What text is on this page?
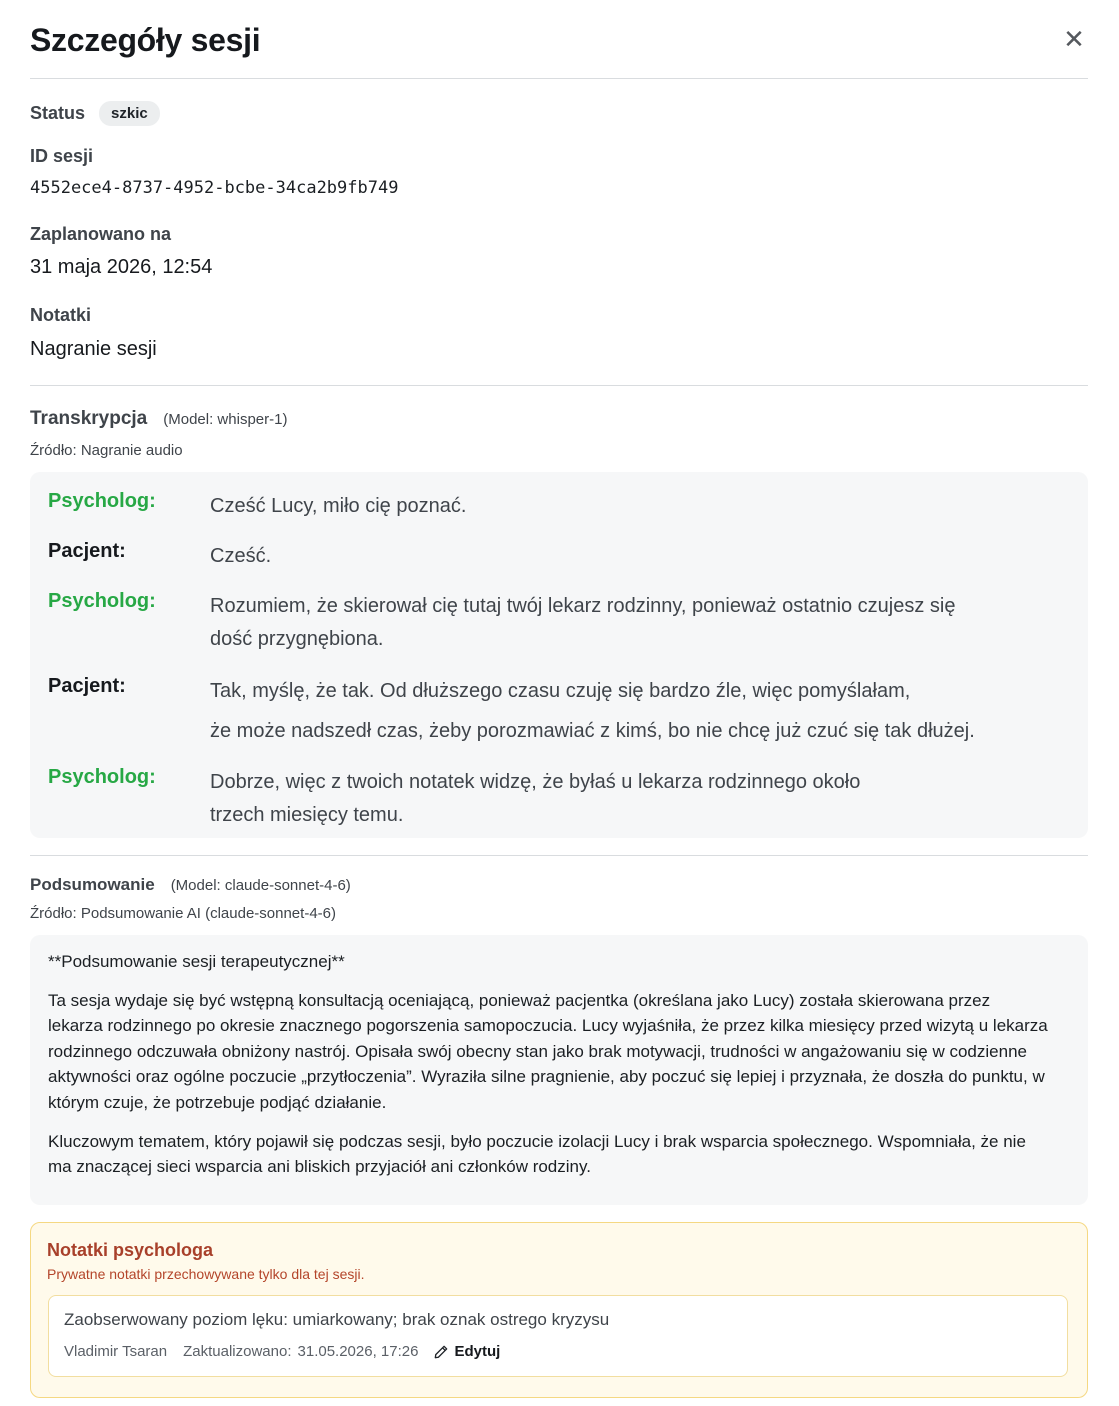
Szczegóły sesji	✕
Status	szkic
ID sesji
4552ece4-8737-4952-bcbe-34ca2b9fb749
Zaplanowano na
31 maja 2026, 12:54
Notatki
Nagranie sesji
Transkrypcja (Model: whisper-1)
Źródło: Nagranie audio
Psycholog:	Cześć Lucy, miło cię poznać.
Pacjent:	Cześć.
Psycholog:	Rozumiem, że skierował cię tutaj twój lekarz rodzinny, ponieważ ostatnio czujesz się
dość przygnębiona.
Pacjent:	Tak, myślę, że tak. Od dłuższego czasu czuję się bardzo źle, więc pomyślałam,
że może nadszedł czas, żeby porozmawiać z kimś, bo nie chcę już czuć się tak dłużej.
Psycholog:	Dobrze, więc z twoich notatek widzę, że byłaś u lekarza rodzinnego około
trzech miesięcy temu.
Podsumowanie (Model: claude-sonnet-4-6)
Źródło: Podsumowanie AI (claude-sonnet-4-6)

**Podsumowanie sesji terapeutycznej**

Ta sesja wydaje się być wstępną konsultacją oceniającą, ponieważ pacjentka (określana jako Lucy) została skierowana przez lekarza rodzinnego po okresie znacznego pogorszenia samopoczucia. Lucy wyjaśniła, że przez kilka miesięcy przed wizytą u lekarza rodzinnego odczuwała obniżony nastrój. Opisała swój obecny stan jako brak motywacji, trudności w angażowaniu się w codzienne aktywności oraz ogólne poczucie „przytłoczenia”. Wyraziła silne pragnienie, aby poczuć się lepiej i przyznała, że doszła do punktu, w którym czuje, że potrzebuje podjąć działanie.

Kluczowym tematem, który pojawił się podczas sesji, było poczucie izolacji Lucy i brak wsparcia społecznego. Wspomniała, że nie ma znaczącej sieci wsparcia ani bliskich przyjaciół ani członków rodziny.

Notatki psychologa
Prywatne notatki przechowywane tylko dla tej sesji.
Zaobserwowany poziom lęku: umiarkowany; brak oznak ostrego kryzysu
Vladimir Tsaran Zaktualizowano: 31.05.2026, 17:26 Edytuj
